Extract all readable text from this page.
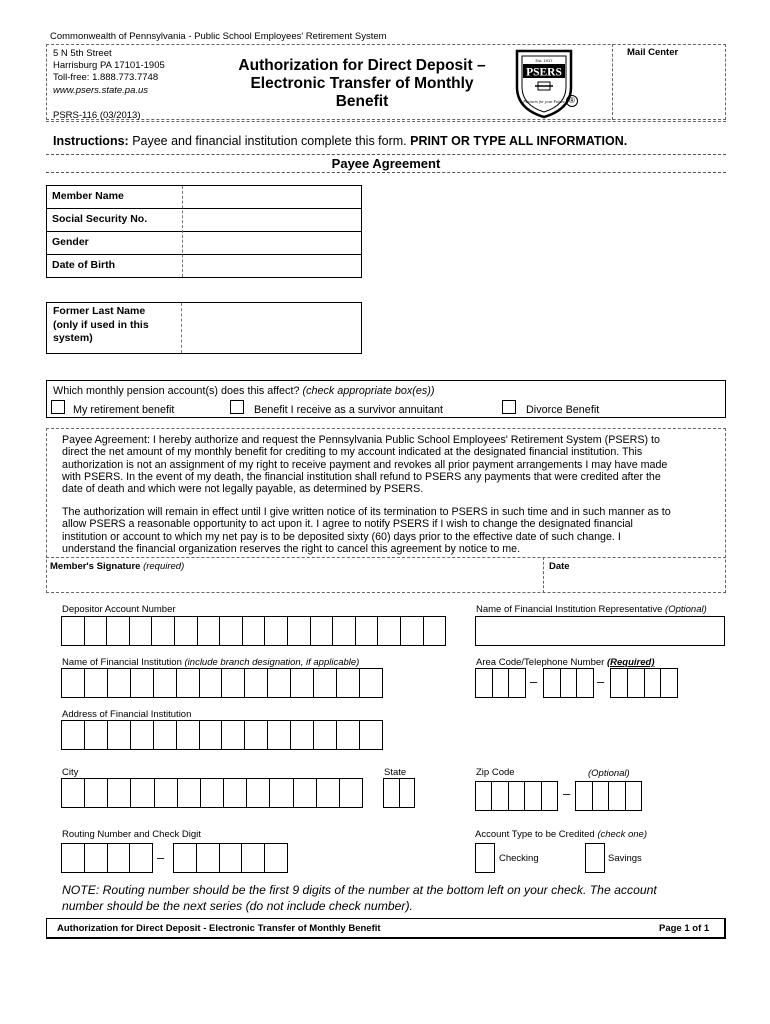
Commonwealth of Pennsylvania - Public School Employees' Retirement System
Mail Center
5 N 5th Street
Harrisburg PA 17101-1905
Toll-free: 1.888.773.7748
www.psers.state.pa.us
PSRS-116 (03/2013)
Authorization for Direct Deposit –
Electronic Transfer of Monthly
Benefit
PSERS
Est. 1917
Partners for your Future ®
Instructions: Payee and financial institution complete this form. PRINT OR TYPE ALL INFORMATION.
Payee Agreement
Member Name
Social Security No.
Gender
Date of Birth
Former Last Name
(only if used in this
system)
Which monthly pension account(s) does this affect? (check appropriate box(es))
My retirement benefit	Benefit I receive as a survivor annuitant	Divorce Benefit
Payee Agreement: I hereby authorize and request the Pennsylvania Public School Employees' Retirement System (PSERS) to
direct the net amount of my monthly benefit for crediting to my account indicated at the designated financial institution. This
authorization is not an assignment of my right to receive payment and revokes all prior payment arrangements I may have made
with PSERS. In the event of my death, the financial institution shall refund to PSERS any payments that were credited after the
date of death and which were not legally payable, as determined by PSERS.
The authorization will remain in effect until I give written notice of its termination to PSERS in such time and in such manner as to
allow PSERS a reasonable opportunity to act upon it. I agree to notify PSERS if I wish to change the designated financial
institution or account to which my net pay is to be deposited sixty (60) days prior to the effective date of such change. I
understand the financial organization reserves the right to cancel this agreement by notice to me.
Member's Signature (required)	Date
Depositor Account Number	Name of Financial Institution Representative (Optional)
Name of Financial Institution (include branch designation, if applicable)	Area Code/Telephone Number (Required)
–	–
Address of Financial Institution
City	State	Zip Code	(Optional)
–
Routing Number and Check Digit
–
Account Type to be Credited (check one)
Checking	Savings
NOTE: Routing number should be the first 9 digits of the number at the bottom left on your check. The account
number should be the next series (do not include check number).
Authorization for Direct Deposit - Electronic Transfer of Monthly Benefit	Page 1 of 1
